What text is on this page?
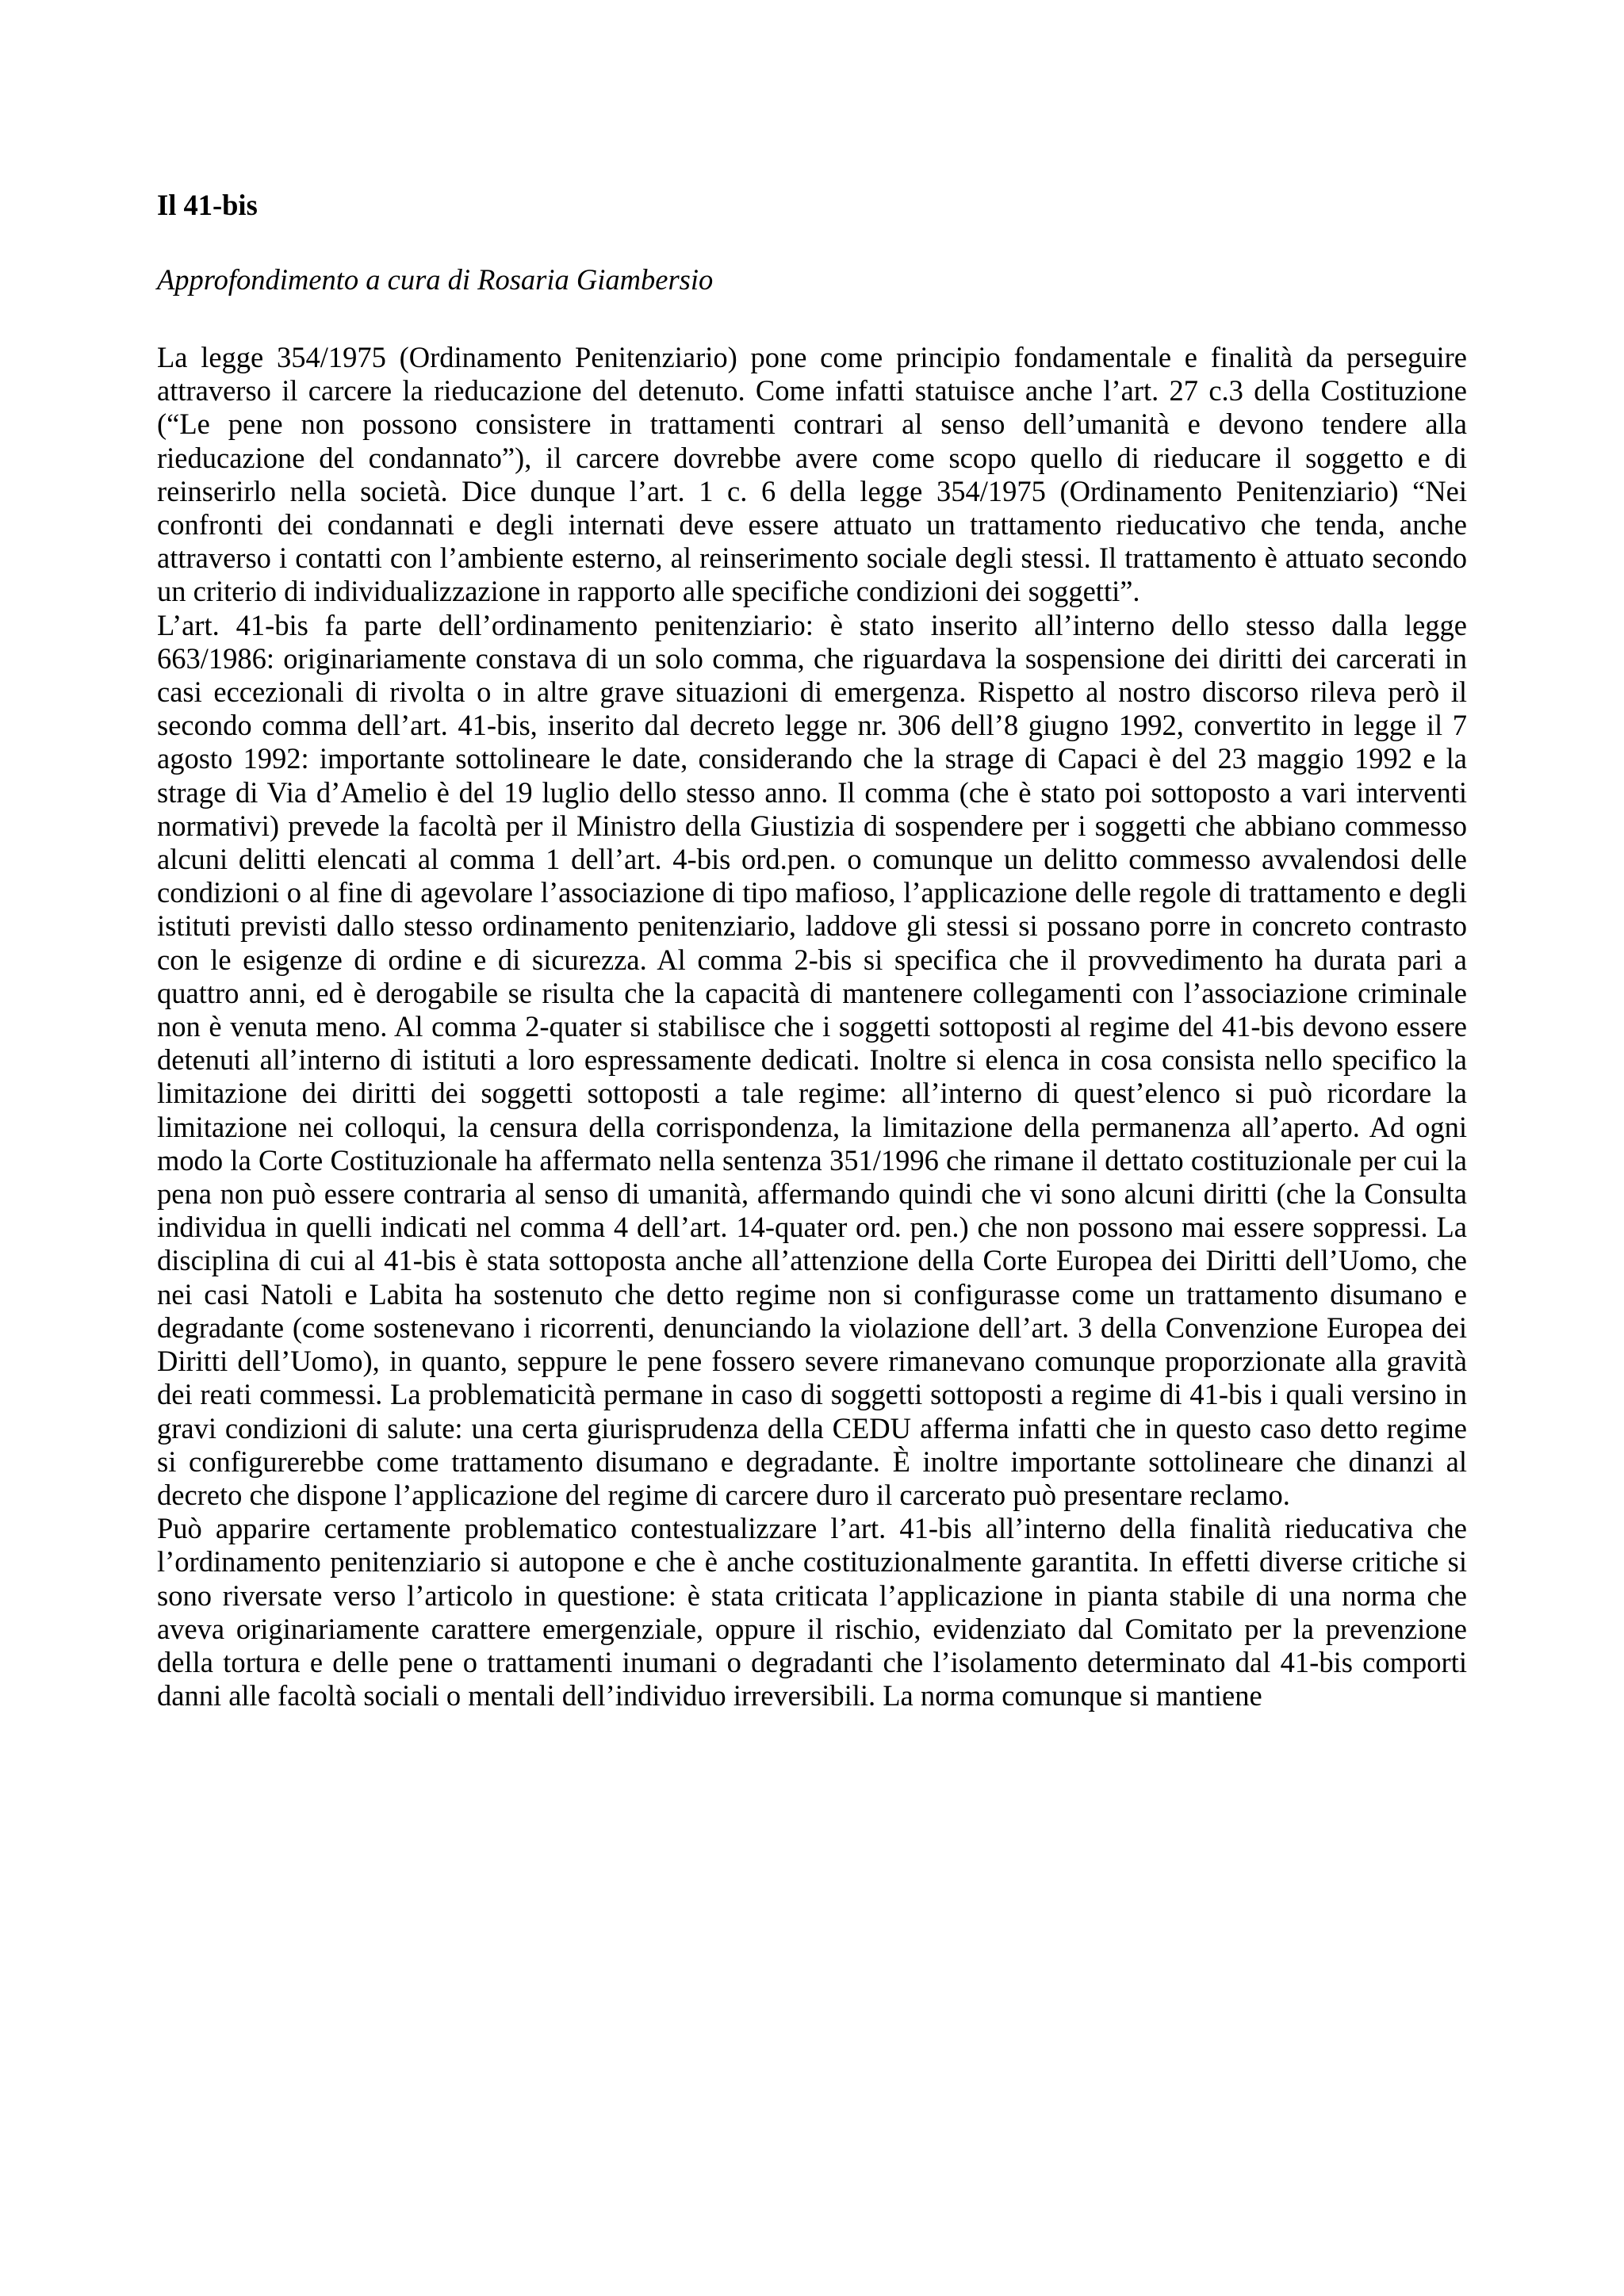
Il 41-bis

Approfondimento a cura di Rosaria Giambersio

La legge 354/1975 (Ordinamento Penitenziario) pone come principio fondamentale e finalità da perseguire attraverso il carcere la rieducazione del detenuto. Come infatti statuisce anche l’art. 27 c.3 della Costituzione (“Le pene non possono consistere in trattamenti contrari al senso dell’umanità e devono tendere alla rieducazione del condannato”), il carcere dovrebbe avere come scopo quello di rieducare il soggetto e di reinserirlo nella società. Dice dunque l’art. 1 c. 6 della legge 354/1975 (Ordinamento Penitenziario) “Nei confronti dei condannati e degli internati deve essere attuato un trattamento rieducativo che tenda, anche attraverso i contatti con l’ambiente esterno, al reinserimento sociale degli stessi. Il trattamento è attuato secondo un criterio di individualizzazione in rapporto alle specifiche condizioni dei soggetti”.

L’art. 41-bis fa parte dell’ordinamento penitenziario: è stato inserito all’interno dello stesso dalla legge 663/1986: originariamente constava di un solo comma, che riguardava la sospensione dei diritti dei carcerati in casi eccezionali di rivolta o in altre grave situazioni di emergenza. Rispetto al nostro discorso rileva però il secondo comma dell’art. 41-bis, inserito dal decreto legge nr. 306 dell’8 giugno 1992, convertito in legge il 7 agosto 1992: importante sottolineare le date, considerando che la strage di Capaci è del 23 maggio 1992 e la strage di Via d’Amelio è del 19 luglio dello stesso anno. Il comma (che è stato poi sottoposto a vari interventi normativi) prevede la facoltà per il Ministro della Giustizia di sospendere per i soggetti che abbiano commesso alcuni delitti elencati al comma 1 dell’art. 4-bis ord.pen. o comunque un delitto commesso avvalendosi delle condizioni o al fine di agevolare l’associazione di tipo mafioso, l’applicazione delle regole di trattamento e degli istituti previsti dallo stesso ordinamento penitenziario, laddove gli stessi si possano porre in concreto contrasto con le esigenze di ordine e di sicurezza. Al comma 2-bis si specifica che il provvedimento ha durata pari a quattro anni, ed è derogabile se risulta che la capacità di mantenere collegamenti con l’associazione criminale non è venuta meno. Al comma 2-quater si stabilisce che i soggetti sottoposti al regime del 41-bis devono essere detenuti all’interno di istituti a loro espressamente dedicati. Inoltre si elenca in cosa consista nello specifico la limitazione dei diritti dei soggetti sottoposti a tale regime: all’interno di quest’elenco si può ricordare la limitazione nei colloqui, la censura della corrispondenza, la limitazione della permanenza all’aperto. Ad ogni modo la Corte Costituzionale ha affermato nella sentenza 351/1996 che rimane il dettato costituzionale per cui la pena non può essere contraria al senso di umanità, affermando quindi che vi sono alcuni diritti (che la Consulta individua in quelli indicati nel comma 4 dell’art. 14-quater ord. pen.) che non possono mai essere soppressi. La disciplina di cui al 41-bis è stata sottoposta anche all’attenzione della Corte Europea dei Diritti dell’Uomo, che nei casi Natoli e Labita ha sostenuto che detto regime non si configurasse come un trattamento disumano e degradante (come sostenevano i ricorrenti, denunciando la violazione dell’art. 3 della Convenzione Europea dei Diritti dell’Uomo), in quanto, seppure le pene fossero severe rimanevano comunque proporzionate alla gravità dei reati commessi. La problematicità permane in caso di soggetti sottoposti a regime di 41-bis i quali versino in gravi condizioni di salute: una certa giurisprudenza della CEDU afferma infatti che in questo caso detto regime si configurerebbe come trattamento disumano e degradante. È inoltre importante sottolineare che dinanzi al decreto che dispone l’applicazione del regime di carcere duro il carcerato può presentare reclamo.

Può apparire certamente problematico contestualizzare l’art. 41-bis all’interno della finalità rieducativa che l’ordinamento penitenziario si autopone e che è anche costituzionalmente garantita. In effetti diverse critiche si sono riversate verso l’articolo in questione: è stata criticata l’applicazione in pianta stabile di una norma che aveva originariamente carattere emergenziale, oppure il rischio, evidenziato dal Comitato per la prevenzione della tortura e delle pene o trattamenti inumani o degradanti che l’isolamento determinato dal 41-bis comporti danni alle facoltà sociali o mentali dell’individuo irreversibili. La norma comunque si mantiene
